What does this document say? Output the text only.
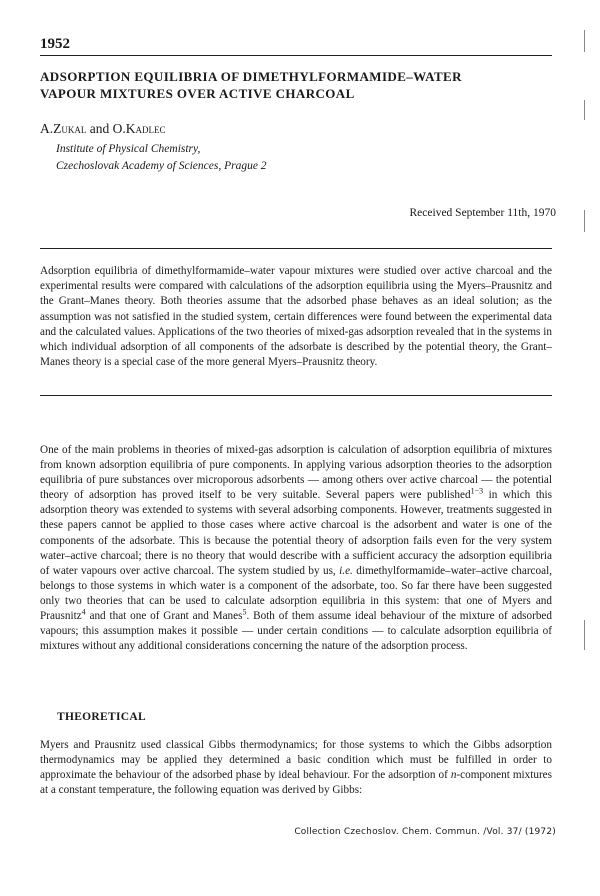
1952
ADSORPTION EQUILIBRIA OF DIMETHYLFORMAMIDE–WATER
VAPOUR MIXTURES OVER ACTIVE CHARCOAL
A.Zukal and O.Kadlec
Institute of Physical Chemistry,
Czechoslovak Academy of Sciences, Prague 2
Received September 11th, 1970

Adsorption equilibria of dimethylformamide–water vapour mixtures were studied over active charcoal and the experimental results were compared with calculations of the adsorption equilibria using the Myers–Prausnitz and the Grant–Manes theory. Both theories assume that the adsorbed phase behaves as an ideal solution; as the assumption was not satisfied in the studied system, certain differences were found between the experimental data and the calculated values. Applications of the two theories of mixed-gas adsorption revealed that in the systems in which individual adsorption of all components of the adsorbate is described by the potential theory, the Grant–Manes theory is a special case of the more general Myers–Prausnitz theory.

One of the main problems in theories of mixed-gas adsorption is calculation of adsorption equilibria of mixtures from known adsorption equilibria of pure components. In applying various adsorption theories to the adsorption equilibria of pure substances over microporous adsorbents — among others over active charcoal — the potential theory of adsorption has proved itself to be very suitable. Several papers were published$^{1-3}$ in which this adsorption theory was extended to systems with several adsorbing components. However, treatments suggested in these papers cannot be applied to those cases where active charcoal is the adsorbent and water is one of the components of the adsorbate. This is because the potential theory of adsorption fails even for the very system water–active charcoal; there is no theory that would describe with a sufficient accuracy the adsorption equilibria of water vapours over active charcoal. The system studied by us, i.e. dimethylformamide–water–active charcoal, belongs to those systems in which water is a component of the adsorbate, too. So far there have been suggested only two theories that can be used to calculate adsorption equilibria in this system: that one of Myers and Prausnitz$^4$ and that one of Grant and Manes$^5$. Both of them assume ideal behaviour of the mixture of adsorbed vapours; this assumption makes it possible — under certain conditions — to calculate adsorption equilibria of mixtures without any additional considerations concerning the nature of the adsorption process.

THEORETICAL

Myers and Prausnitz used classical Gibbs thermodynamics; for those systems to which the Gibbs adsorption thermodynamics may be applied they determined a basic condition which must be fulfilled in order to approximate the behaviour of the adsorbed phase by ideal behaviour. For the adsorption of n-component mixtures at a constant temperature, the following equation was derived by Gibbs:

Collection Czechoslov. Chem. Commun. /Vol. 37/ (1972)
